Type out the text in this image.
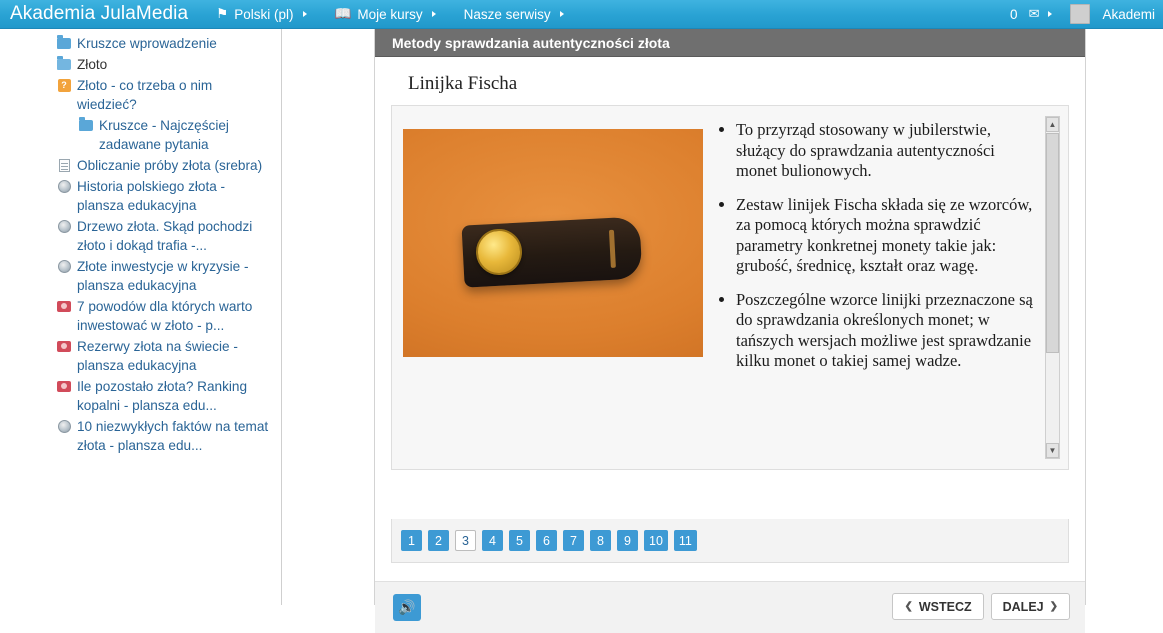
Akademia JulaMedia	⚑ Polski (pl)	📖 Moje kursy	Nasze serwisy	0 ✉	Akademi
Kruszce wprowadzenie
Złoto
? Złoto - co trzeba o nim wiedzieć?
Kruszce - Najczęściej zadawane pytania
Obliczanie próby złota (srebra)
Historia polskiego złota - plansza edukacyjna
Drzewo złota. Skąd pochodzi złoto i dokąd trafia -...
Złote inwestycje w kryzysie - plansza edukacyjna
7 powodów dla których warto inwestować w złoto - p...
Rezerwy złota na świecie - plansza edukacyjna
Ile pozostało złota? Ranking kopalni - plansza edu...
10 niezwykłych faktów na temat złota - plansza edu...
Metody sprawdzania autentyczności złota
Linijka Fischa
• To przyrząd stosowany w jubilerstwie, służący do sprawdzania autentyczności monet bulionowych.
• Zestaw linijek Fischa składa się ze wzorców, za pomocą których można sprawdzić parametry konkretnej monety takie jak: grubość, średnicę, kształt oraz wagę.
• Poszczególne wzorce linijki przeznaczone są do sprawdzania określonych monet; w tańszych wersjach możliwe jest sprawdzanie kilku monet o takiej samej wadze.
▲
▼
1	2	3	4	5	6	7	8	9	10	11
🔊	❮ WSTECZ DALEJ ❯
